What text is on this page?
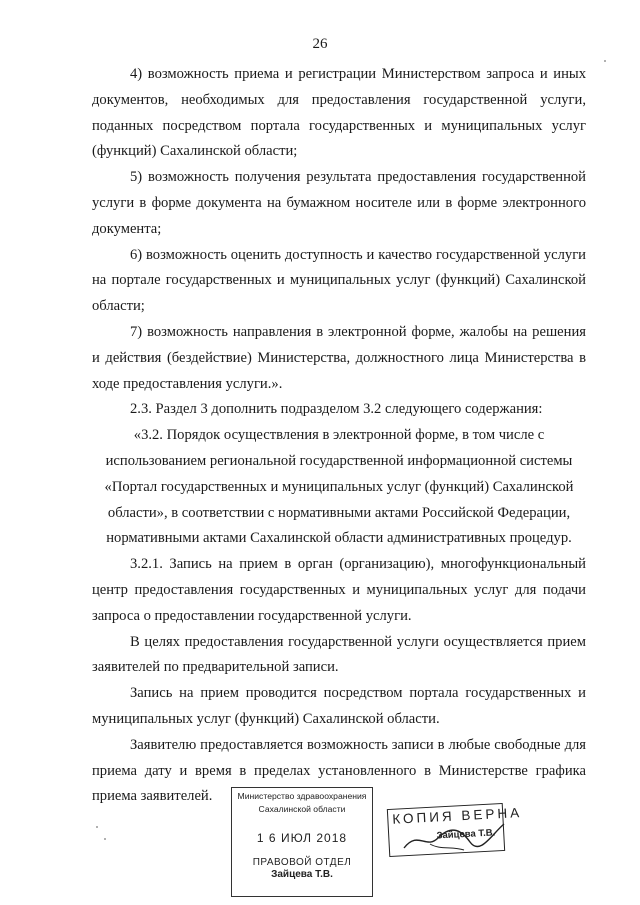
26

4) возможность приема и регистрации Министерством запроса и иных документов, необходимых для предоставления государственной услуги, поданных посредством портала государственных и муниципальных услуг (функций) Сахалинской области;

5) возможность получения результата предоставления государственной услуги в форме документа на бумажном носителе или в форме электронного документа;

6) возможность оценить доступность и качество государственной услуги на портале государственных и муниципальных услуг (функций) Сахалинской области;

7) возможность направления в электронной форме, жалобы на решения и действия (бездействие) Министерства, должностного лица Министерства в ходе предоставления услуги.».

2.3. Раздел 3 дополнить подразделом 3.2 следующего содержания:

«3.2. Порядок осуществления в электронной форме, в том числе с использованием региональной государственной информационной системы «Портал государственных и муниципальных услуг (функций) Сахалинской области», в соответствии с нормативными актами Российской Федерации, нормативными актами Сахалинской области административных процедур.

3.2.1. Запись на прием в орган (организацию), многофункциональный центр предоставления государственных и муниципальных услуг для подачи запроса о предоставлении государственной услуги.

В целях предоставления государственной услуги осуществляется прием заявителей по предварительной записи.

Запись на прием проводится посредством портала государственных и муниципальных услуг (функций) Сахалинской области.

Заявителю предоставляется возможность записи в любые свободные для приема дату и время в пределах установленного в Министерстве графика приема заявителей.	Министерство здравоохранения
Сахалинской области
1 6 ИЮЛ 2018
ПРАВОВОЙ ОТДЕЛ
Зайцева Т.В.
КОПИЯ ВЕРНА
Зайцева Т.В.
